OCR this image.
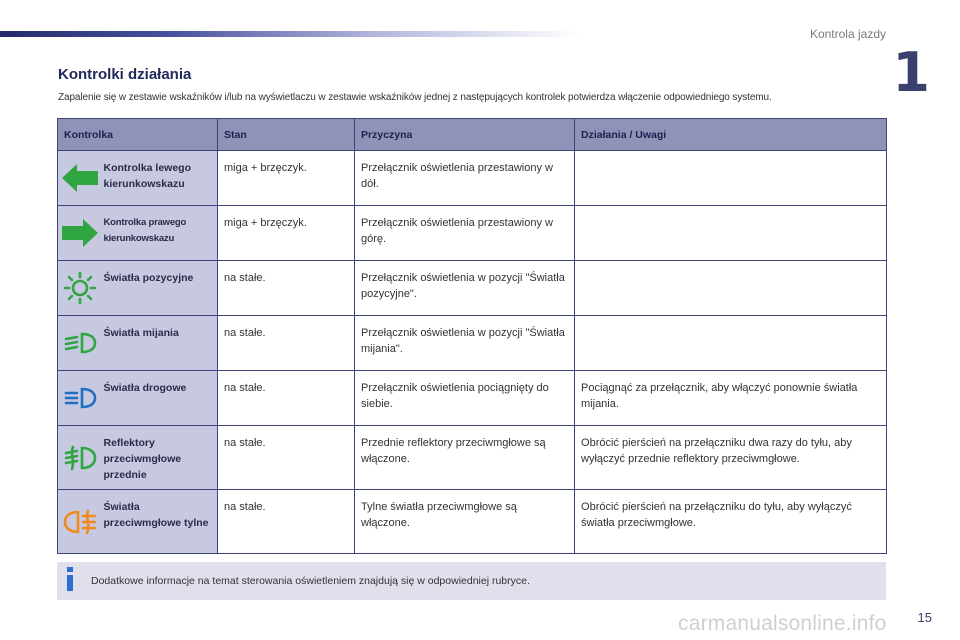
Kontrola jazdy
1
Kontrolki działania
Zapalenie się w zestawie wskaźników i/lub na wyświetlaczu w zestawie wskaźników jednej z następujących kontrolek potwierdza włączenie odpowiedniego systemu.
Kontrolka		Stan	Przyczyna	Działania / Uwagi

	Kontrolka lewego kierunkowskazu	miga + brzęczyk.	Przełącznik oświetlenia przestawiony w dół.	

	Kontrolka prawego kierunkowskazu	miga + brzęczyk.	Przełącznik oświetlenia przestawiony w górę.	

	Światła pozycyjne	na stałe.	Przełącznik oświetlenia w pozycji "Światła pozycyjne".	

	Światła mijania	na stałe.	Przełącznik oświetlenia w pozycji "Światła mijania".	

	Światła drogowe	na stałe.	Przełącznik oświetlenia pociągnięty do siebie.	Pociągnąć za przełącznik, aby włączyć ponownie światła mijania.

	Reflektory przeciwmgłowe przednie	na stałe.	Przednie reflektory przeciwmgłowe są włączone.	Obrócić pierścień na przełączniku dwa razy do tyłu, aby wyłączyć przednie reflektory przeciwmgłowe.

	Światła przeciwmgłowe tylne	na stałe.	Tylne światła przeciwmgłowe są włączone.	Obrócić pierścień na przełączniku do tyłu, aby wyłączyć światła przeciwmgłowe.
Dodatkowe informacje na temat sterowania oświetleniem znajdują się w odpowiedniej rubryce.
carmanualsonline.info 15
